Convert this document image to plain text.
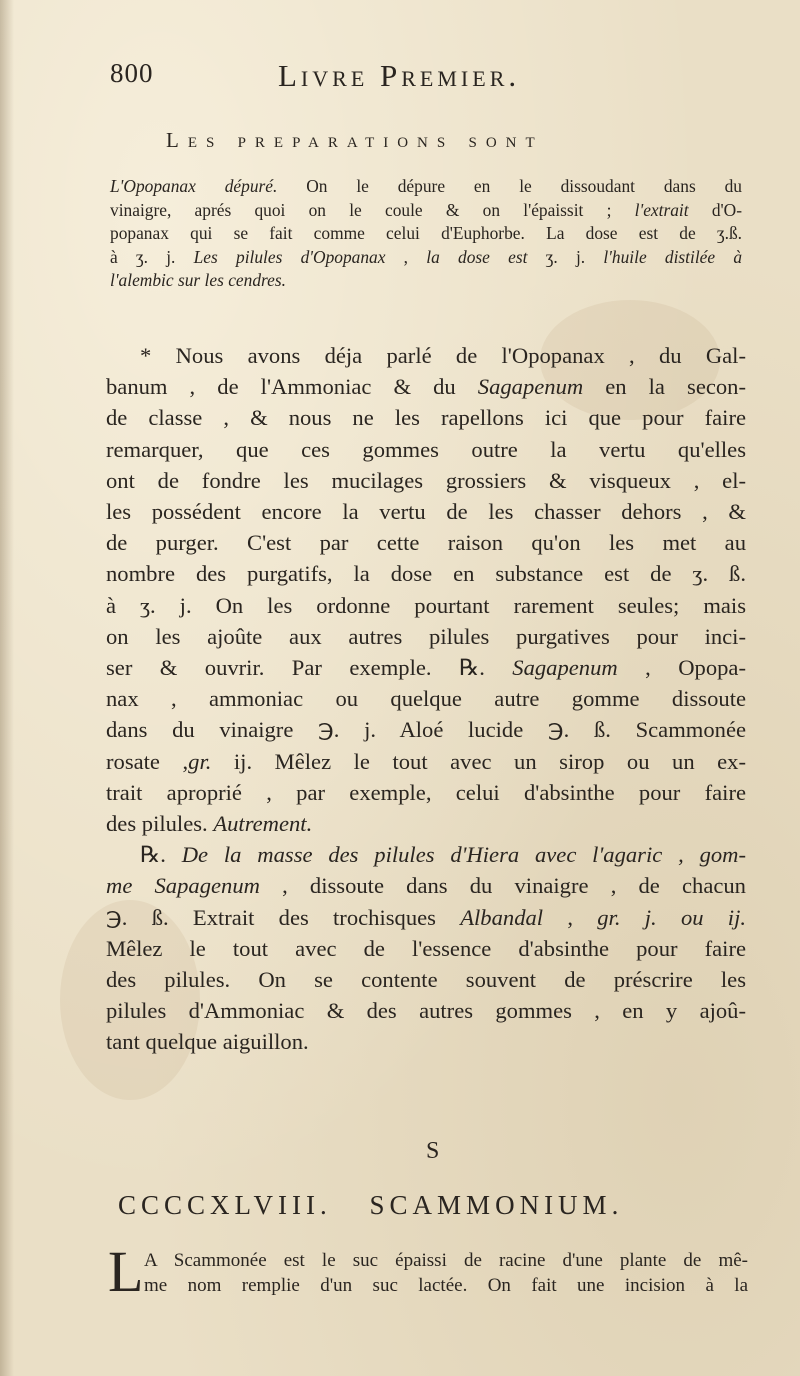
800	Livre Premier.
Les preparations sont
L'Opopanax dépuré. On le dépure en le dissoudant dans du
vinaigre, aprés quoi on le coule & on l'épaissit ; l'extrait d'O-
popanax qui se fait comme celui d'Euphorbe. La dose est de ʒ.ß.
à ʒ. j. Les pilules d'Opopanax , la dose est ʒ. j. l'huile distilée à
l'alembic sur les cendres.
* Nous avons déja parlé de l'Opopanax , du Gal-
banum , de l'Ammoniac & du Sagapenum en la secon-
de classe , & nous ne les rapellons ici que pour faire
remarquer, que ces gommes outre la vertu qu'elles
ont de fondre les mucilages grossiers & visqueux , el-
les possédent encore la vertu de les chasser dehors , &
de purger. C'est par cette raison qu'on les met au
nombre des purgatifs, la dose en substance est de ʒ. ß.
à ʒ. j. On les ordonne pourtant rarement seules; mais
on les ajoûte aux autres pilules purgatives pour inci-
ser & ouvrir. Par exemple. ℞. Sagapenum , Opopa-
nax , ammoniac ou quelque autre gomme dissoute
dans du vinaigre ℈. j. Aloé lucide ℈. ß. Scammonée
rosate ,gr. ij. Mêlez le tout avec un sirop ou un ex-
trait aproprié , par exemple, celui d'absinthe pour faire
des pilules. Autrement.
℞. De la masse des pilules d'Hiera avec l'agaric , gom-
me Sapagenum , dissoute dans du vinaigre , de chacun
℈. ß. Extrait des trochisques Albandal , gr. j. ou ij.
Mêlez le tout avec de l'essence d'absinthe pour faire
des pilules. On se contente souvent de préscrire les
pilules d'Ammoniac & des autres gommes , en y ajoû-
tant quelque aiguillon.
S
CCCCXLVIII. SCAMMONIUM.
L A Scammonée est le suc épaissi de racine d'une plante de mê-
me nom remplie d'un suc lactée. On fait une incision à la
